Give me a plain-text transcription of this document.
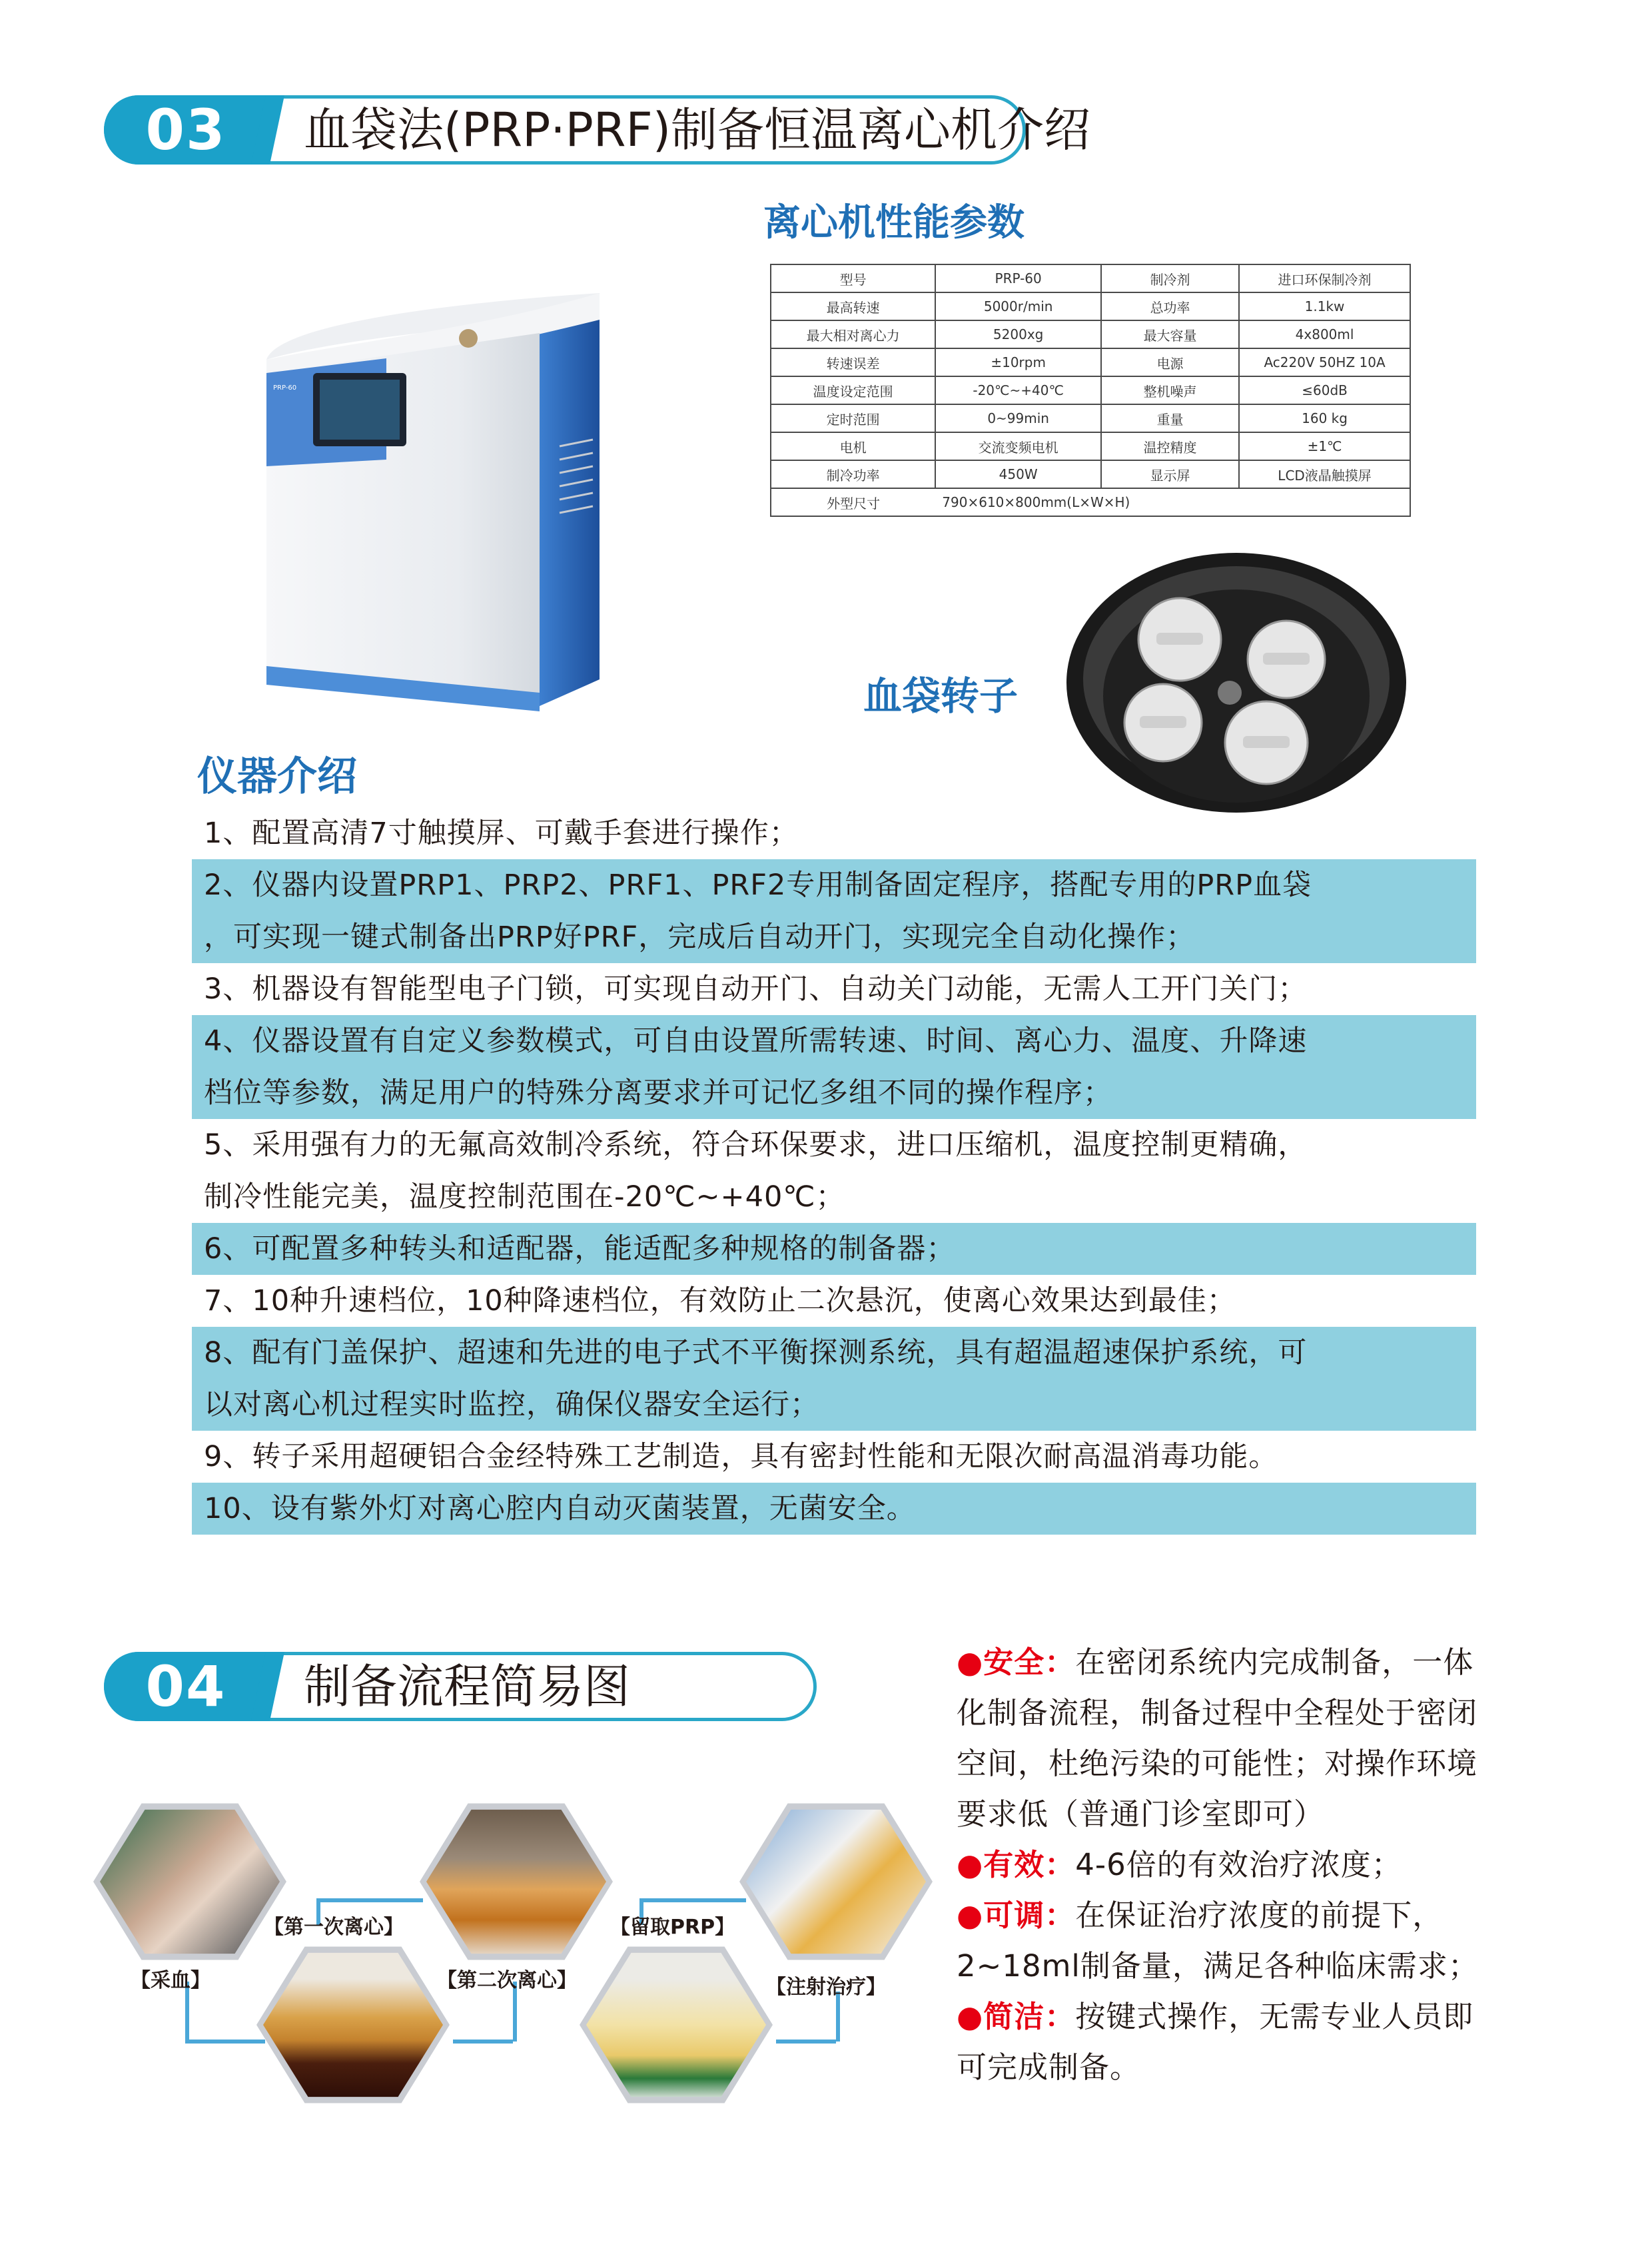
03	血袋法(PRP·PRF)制备恒温离心机介绍
离心机性能参数
型号	PRP-60	制冷剂	进口环保制冷剂
最高转速	5000r/min	总功率	1.1kw
最大相对离心力	5200xg	最大容量	4x800ml
转速误差	±10rpm	电源	Ac220V 50HZ 10A
温度设定范围	-20℃~+40℃	整机噪声	≤60dB
定时范围	0~99min	重量	160 kg
电机	交流变频电机	温控精度	±1℃
制冷功率	450W	显示屏	LCD液晶触摸屏
外型尺寸	790×610×800mm(L×W×H)		
PRP-60
血袋转子
仪器介绍
1、配置高清7寸触摸屏、可戴手套进行操作；
2、仪器内设置PRP1、PRP2、PRF1、PRF2专用制备固定程序，搭配专用的PRP血袋
，可实现一键式制备出PRP好PRF，完成后自动开门，实现完全自动化操作；
3、机器设有智能型电子门锁，可实现自动开门、自动关门动能，无需人工开门关门；
4、仪器设置有自定义参数模式，可自由设置所需转速、时间、离心力、温度、升降速
档位等参数，满足用户的特殊分离要求并可记忆多组不同的操作程序；
5、采用强有力的无氟高效制冷系统，符合环保要求，进口压缩机，温度控制更精确，
制冷性能完美，温度控制范围在-20℃~+40℃；
6、可配置多种转头和适配器，能适配多种规格的制备器；
7、10种升速档位，10种降速档位，有效防止二次悬沉，使离心效果达到最佳；
8、配有门盖保护、超速和先进的电子式不平衡探测系统，具有超温超速保护系统，可
以对离心机过程实时监控，确保仪器安全运行；
9、转子采用超硬铝合金经特殊工艺制造，具有密封性能和无限次耐高温消毒功能。
10、设有紫外灯对离心腔内自动灭菌装置，无菌安全。
04	制备流程简易图
【采血】
【第一次离心】
【第二次离心】
【留取PRP】
【注射治疗】

●安全：在密闭系统内完成制备，一体

化制备流程，制备过程中全程处于密闭

空间，杜绝污染的可能性；对操作环境

要求低（普通门诊室即可）

●有效：4-6倍的有效治疗浓度；

●可调：在保证治疗浓度的前提下，

2~18ml制备量，满足各种临床需求；

●简洁：按键式操作，无需专业人员即

可完成制备。
